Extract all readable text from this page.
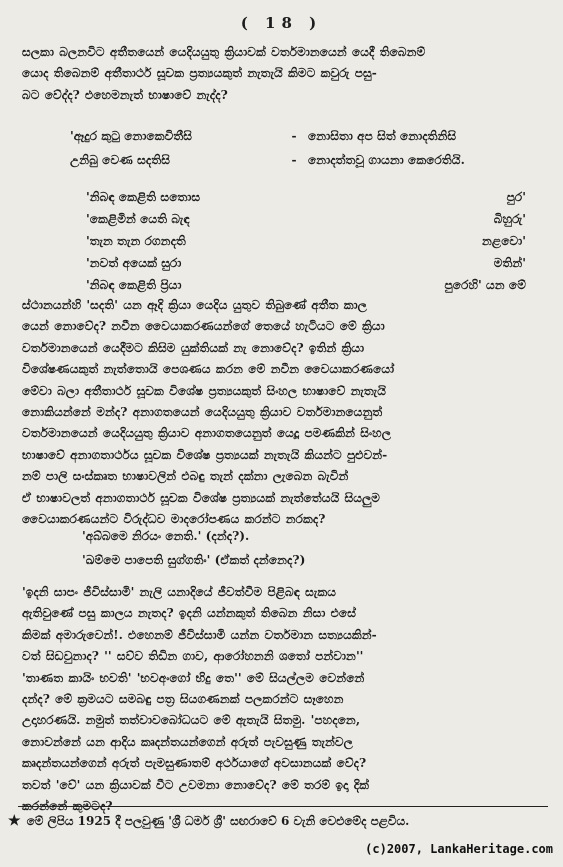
( 18 )
සලකා බලනවිට අතීතයෙන් යෙදියයුතු ක්‍රියාවක් වර්තමානයෙන් යෙදී තිබෙනම්
යොද තිබෙනම් අතීතාර්ථ සූචක ප්‍රත්‍යයකුත් නැතැයි කිමට කවුරු පසු-
බට වේද්ද? එහෙමනැත් භාෂාවේ නැද්ද?
'ඈදුර කුටු නොකෙවිතීසි	- නොසිතා අප සිත් නොදතිනිසි
උනිබු වෙණ සදතිසි	- නොදත්තවූ ගායනා කෙරෙතියි.
'නිබඳ කෙළිති සතොස	පුර'
'කෙළිමින් යෙති බැඳ	බිහුරු'
'තැන තැන රගනදති	නළවො'
'නවත් අයෙක් සුරා	මතින්'
'නිබඳ කෙළිති ප්‍රියා	පුරෙහි' යන මේ
ස්ථානයන්හි 'සදති' යන ඈදි ක්‍රියා යෙදිය යුතුව තිබුණේ අතීත කාල
යෙන් නොවේද? නවීන වෛයාකරණයන්ගේ තෙයේ හැටියට මේ ක්‍රියා
වර්තමානයෙන් යෙදීමට කිසිම යුක්තියක් නැ නොවේද? ඉතින් ක්‍රියා
විශේෂණයකුත් නැත්තොයි පෙශණය කරන මේ නවීන වෛයාකරණයෝ
මේවා බලා අතීතාර්ථ සූචක විශේෂ ප්‍රත්‍යයකුත් සිංහල භාෂාවේ නැතැයි
නොකියන්නේ මන්ද? අනාගතයෙන් යෙදියයුතු ක්‍රියාව වර්තමානයෙනුත්
වර්තමානයෙන් යෙදියයුතු ක්‍රියාව අනාගතයෙනුත් යෙදූ පමණකින් සිංහල
භාෂාවේ අනාගතාර්ථය සූචක විශේෂ ප්‍රත්‍යයක් නැතැයි කියන්ට පුළුවන්-
නම් පාලි සංස්කෘත භාෂාවලින් එබඳු තැන් දක්නා ලැබෙන බැවින්
ඒ භාෂාවලත් අනාගතාර්ථ සූචක විශේෂ ප්‍රත්‍යයක් නැත්තේයයි සියලුම
වෛයාකරණයන්ට විරුද්ධව මාදරෝපණය කරන්ට නරකද?
'අබ්බමෙ නිරයං නෙති.' (දන්ද?).
'ඛම්මෙ පාපෙති සුග්ගතිං' (ඒකත් දන්නෙද?)
'ඉදනි සාපං ජීවිස්සාමි' නැලි යනාදියේ ජීවත්වීම පිළිබඳ සැකය
ඇතිවුණේ පසු කාලය නැතද? ඉදනි යන්නකුත් තිබෙන නිසා එසේ
කිමක් අමාරුවෙන්!. එහෙනම් ජීවිස්සාමි යන්න වර්තමාන සත්‍යයකින්-
වත් සිඩවුනාද? '' සව්ව තිඩින ගාව, ආරෝහනනි ශතෝ පන්වාන''
'තාණත කායිං භවති' 'භවඅංගෝ භිදු තෙ'' මේ සියල්ලම වෙන්නේ
දන්ද? මේ ක්‍රමයට සමබඳු පත්‍ර සියගණනක් පලකරන්ට සෑහෙන
උදාහරණයි. නමුත් තත්වාවබෝධයට මේ ඇතැයි සිතමු. 'පහදනෙ,
නොවන්නේ යන ආදිය කෘදන්තයන්ගෙන් අරුත් පැවසුණු තැන්වල
කෘදන්තයන්ගෙන් අරුත් පැමසුණාතම් අර්ථයාගේ අවසානයක් වේද?
තවත් 'වේ' යන ක්‍රියාවක් වීට උවමනා නොවේද? මේ තරම් ඉදා දික්
කරන්නේ කුමටද?
★ මේ ලිපිය 1925 දී පලවුණු 'ශ්‍රී ධර්ම ශ්‍රී' සඟරාවේ 6 වැනි වෙළුමේද පළවිය.
(c)2007, LankaHeritage.com
